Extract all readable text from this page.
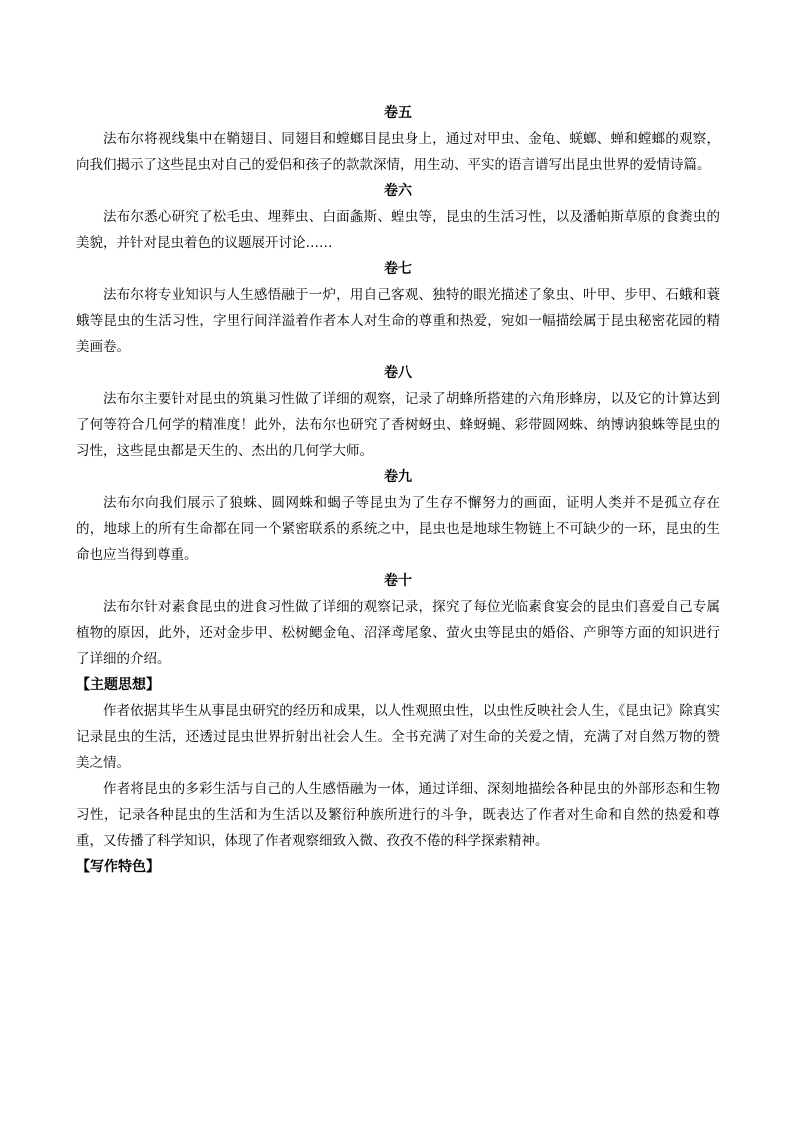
卷五

法布尔将视线集中在鞘翅目、同翅目和螳螂目昆虫身上，通过对甲虫、金龟、蜣螂、蝉和螳螂的观察，向我们揭示了这些昆虫对自己的爱侣和孩子的款款深情，用生动、平实的语言谱写出昆虫世界的爱情诗篇。

卷六

法布尔悉心研究了松毛虫、埋葬虫、白面螽斯、蝗虫等，昆虫的生活习性，以及潘帕斯草原的食粪虫的美貌，并针对昆虫着色的议题展开讨论……

卷七

法布尔将专业知识与人生感悟融于一炉，用自己客观、独特的眼光描述了象虫、叶甲、步甲、石蛾和蓑蛾等昆虫的生活习性，字里行间洋溢着作者本人对生命的尊重和热爱，宛如一幅描绘属于昆虫秘密花园的精美画卷。

卷八

法布尔主要针对昆虫的筑巢习性做了详细的观察，记录了胡蜂所搭建的六角形蜂房，以及它的计算达到了何等符合几何学的精准度！此外，法布尔也研究了香树蚜虫、蜂蚜蝇、彩带圆网蛛、纳博讷狼蛛等昆虫的习性，这些昆虫都是天生的、杰出的几何学大师。

卷九

法布尔向我们展示了狼蛛、圆网蛛和蝎子等昆虫为了生存不懈努力的画面，证明人类并不是孤立存在的，地球上的所有生命都在同一个紧密联系的系统之中，昆虫也是地球生物链上不可缺少的一环，昆虫的生命也应当得到尊重。

卷十

法布尔针对素食昆虫的进食习性做了详细的观察记录，探究了每位光临素食宴会的昆虫们喜爱自己专属植物的原因，此外，还对金步甲、松树鳃金龟、沼泽鸢尾象、萤火虫等昆虫的婚俗、产卵等方面的知识进行了详细的介绍。

【主题思想】

作者依据其毕生从事昆虫研究的经历和成果，以人性观照虫性，以虫性反映社会人生，《昆虫记》除真实记录昆虫的生活，还透过昆虫世界折射出社会人生。全书充满了对生命的关爱之情，充满了对自然万物的赞美之情。

作者将昆虫的多彩生活与自己的人生感悟融为一体，通过详细、深刻地描绘各种昆虫的外部形态和生物习性，记录各种昆虫的生活和为生活以及繁衍种族所进行的斗争，既表达了作者对生命和自然的热爱和尊重，又传播了科学知识，体现了作者观察细致入微、孜孜不倦的科学探索精神。

【写作特色】
